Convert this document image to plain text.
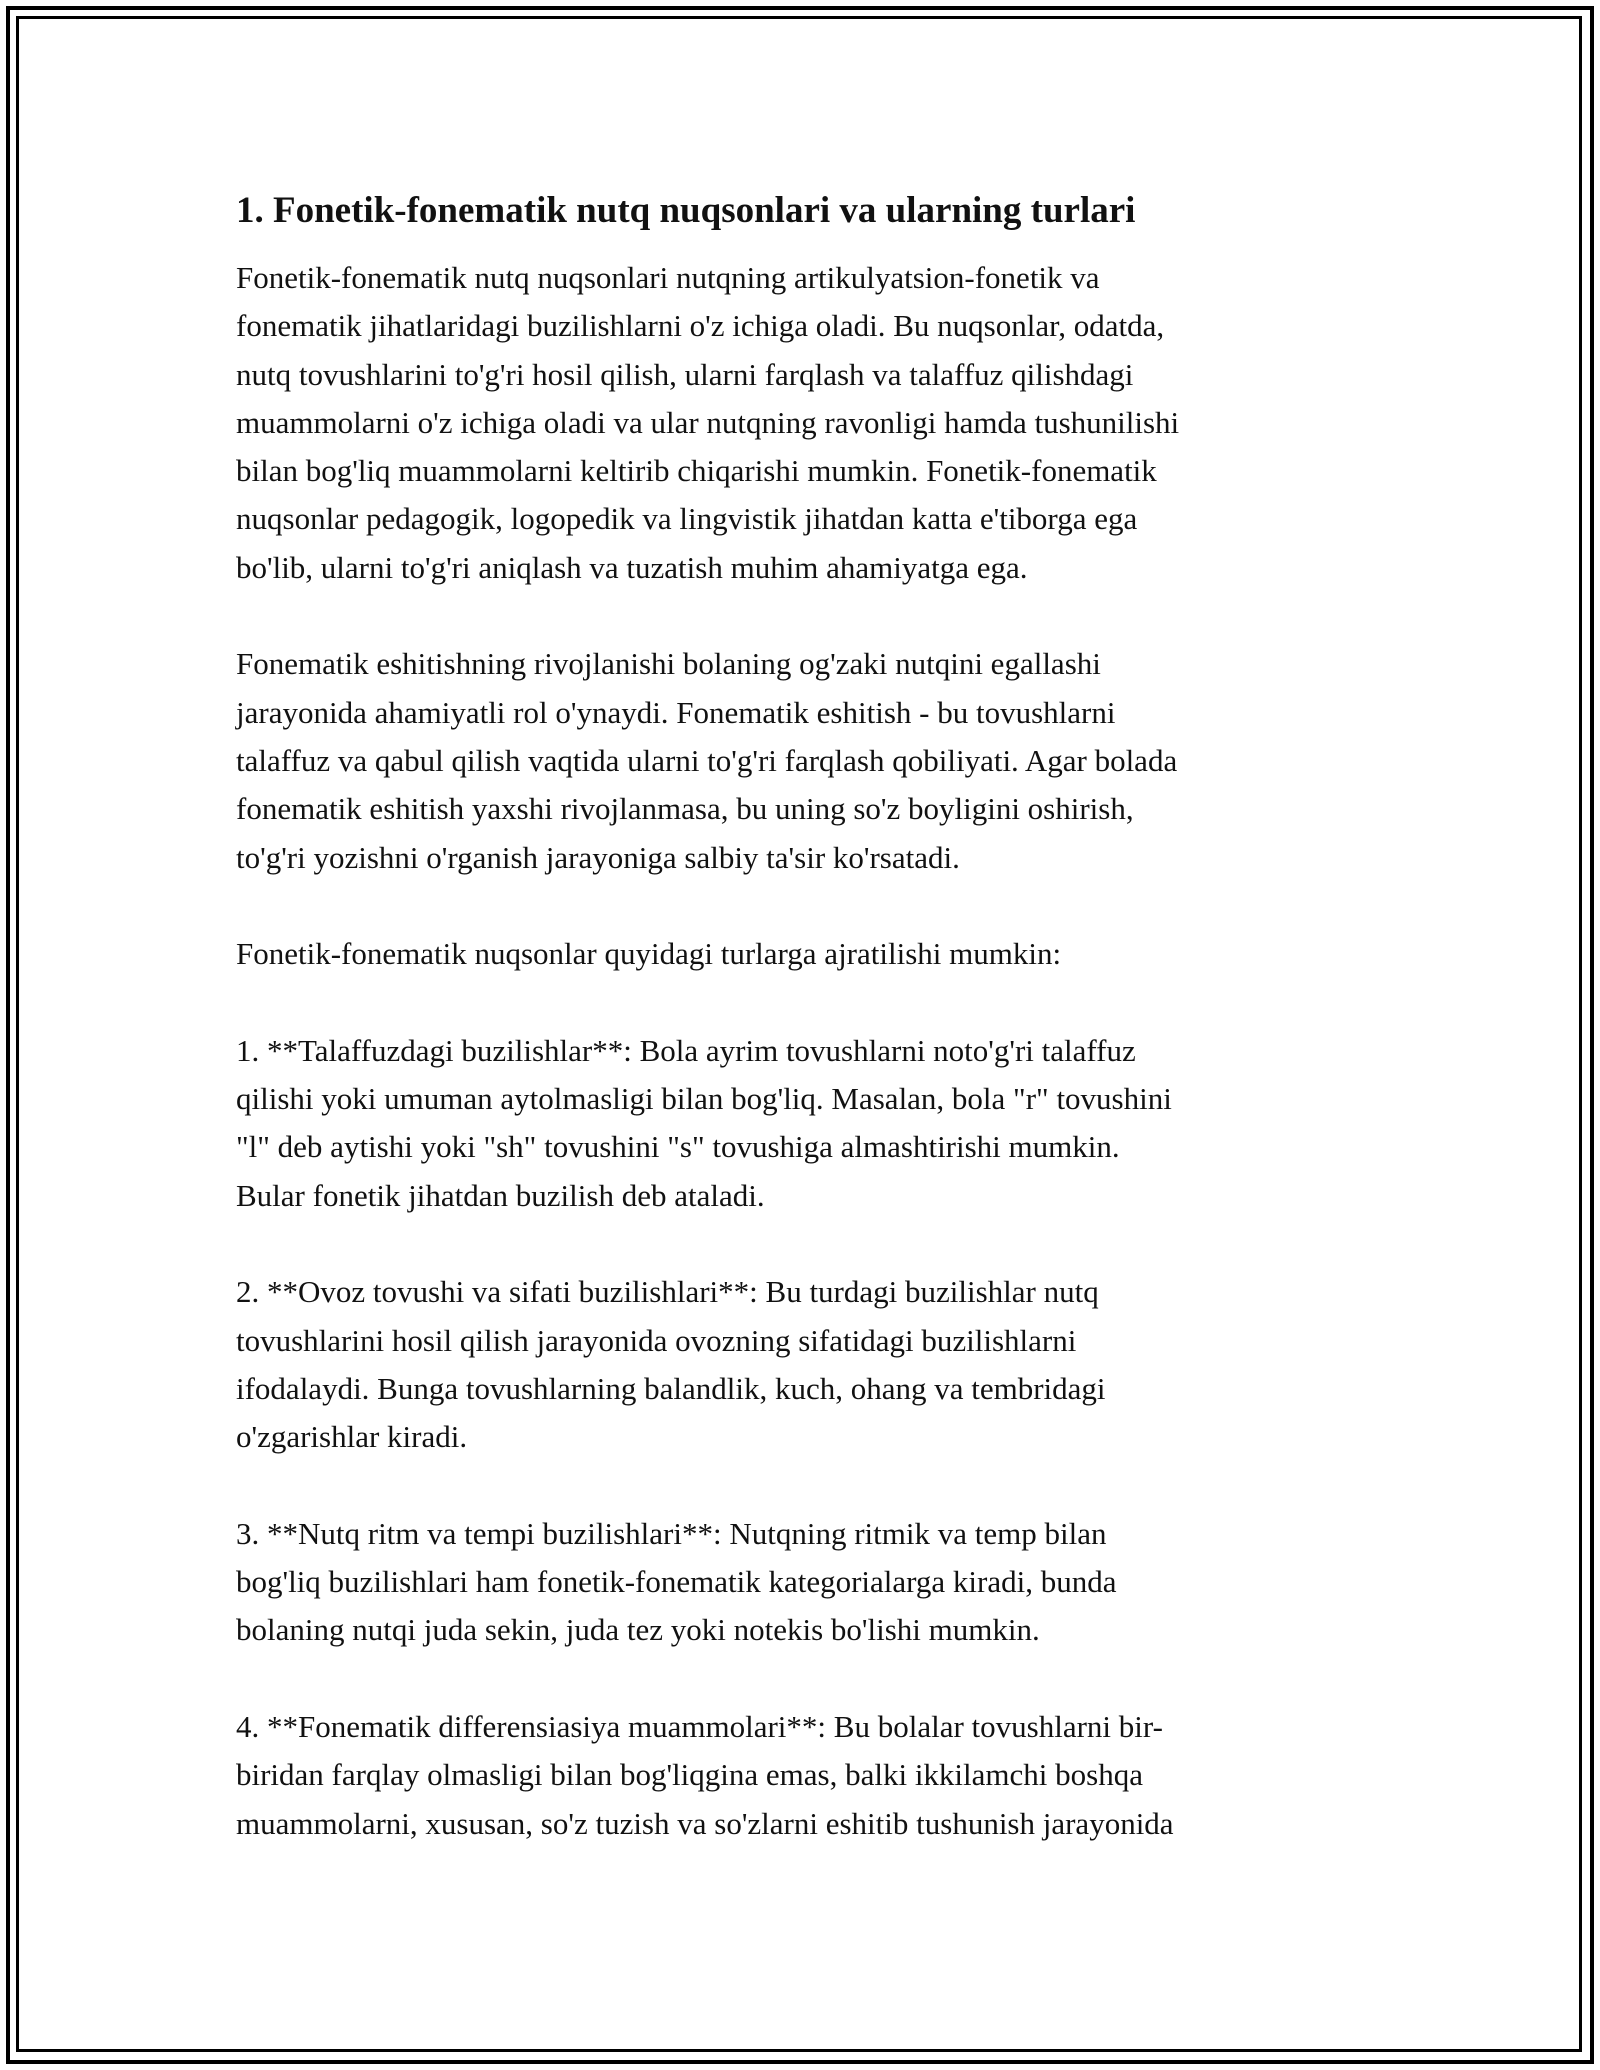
1. Fonetik-fonematik nutq nuqsonlari va ularning turlari

Fonetik-fonematik nutq nuqsonlari nutqning artikulyatsion-fonetik va
fonematik jihatlaridagi buzilishlarni o'z ichiga oladi. Bu nuqsonlar, odatda,
nutq tovushlarini to'g'ri hosil qilish, ularni farqlash va talaffuz qilishdagi
muammolarni o'z ichiga oladi va ular nutqning ravonligi hamda tushunilishi
bilan bog'liq muammolarni keltirib chiqarishi mumkin. Fonetik-fonematik
nuqsonlar pedagogik, logopedik va lingvistik jihatdan katta e'tiborga ega
bo'lib, ularni to'g'ri aniqlash va tuzatish muhim ahamiyatga ega.

Fonematik eshitishning rivojlanishi bolaning og'zaki nutqini egallashi
jarayonida ahamiyatli rol o'ynaydi. Fonematik eshitish - bu tovushlarni
talaffuz va qabul qilish vaqtida ularni to'g'ri farqlash qobiliyati. Agar bolada
fonematik eshitish yaxshi rivojlanmasa, bu uning so'z boyligini oshirish,
to'g'ri yozishni o'rganish jarayoniga salbiy ta'sir ko'rsatadi.

Fonetik-fonematik nuqsonlar quyidagi turlarga ajratilishi mumkin:

1. **Talaffuzdagi buzilishlar**: Bola ayrim tovushlarni noto'g'ri talaffuz
qilishi yoki umuman aytolmasligi bilan bog'liq. Masalan, bola "r" tovushini
"l" deb aytishi yoki "sh" tovushini "s" tovushiga almashtirishi mumkin.
Bular fonetik jihatdan buzilish deb ataladi.

2. **Ovoz tovushi va sifati buzilishlari**: Bu turdagi buzilishlar nutq
tovushlarini hosil qilish jarayonida ovozning sifatidagi buzilishlarni
ifodalaydi. Bunga tovushlarning balandlik, kuch, ohang va tembridagi
o'zgarishlar kiradi.

3. **Nutq ritm va tempi buzilishlari**: Nutqning ritmik va temp bilan
bog'liq buzilishlari ham fonetik-fonematik kategorialarga kiradi, bunda
bolaning nutqi juda sekin, juda tez yoki notekis bo'lishi mumkin.

4. **Fonematik differensiasiya muammolari**: Bu bolalar tovushlarni bir-
biridan farqlay olmasligi bilan bog'liqgina emas, balki ikkilamchi boshqa
muammolarni, xususan, so'z tuzish va so'zlarni eshitib tushunish jarayonida
